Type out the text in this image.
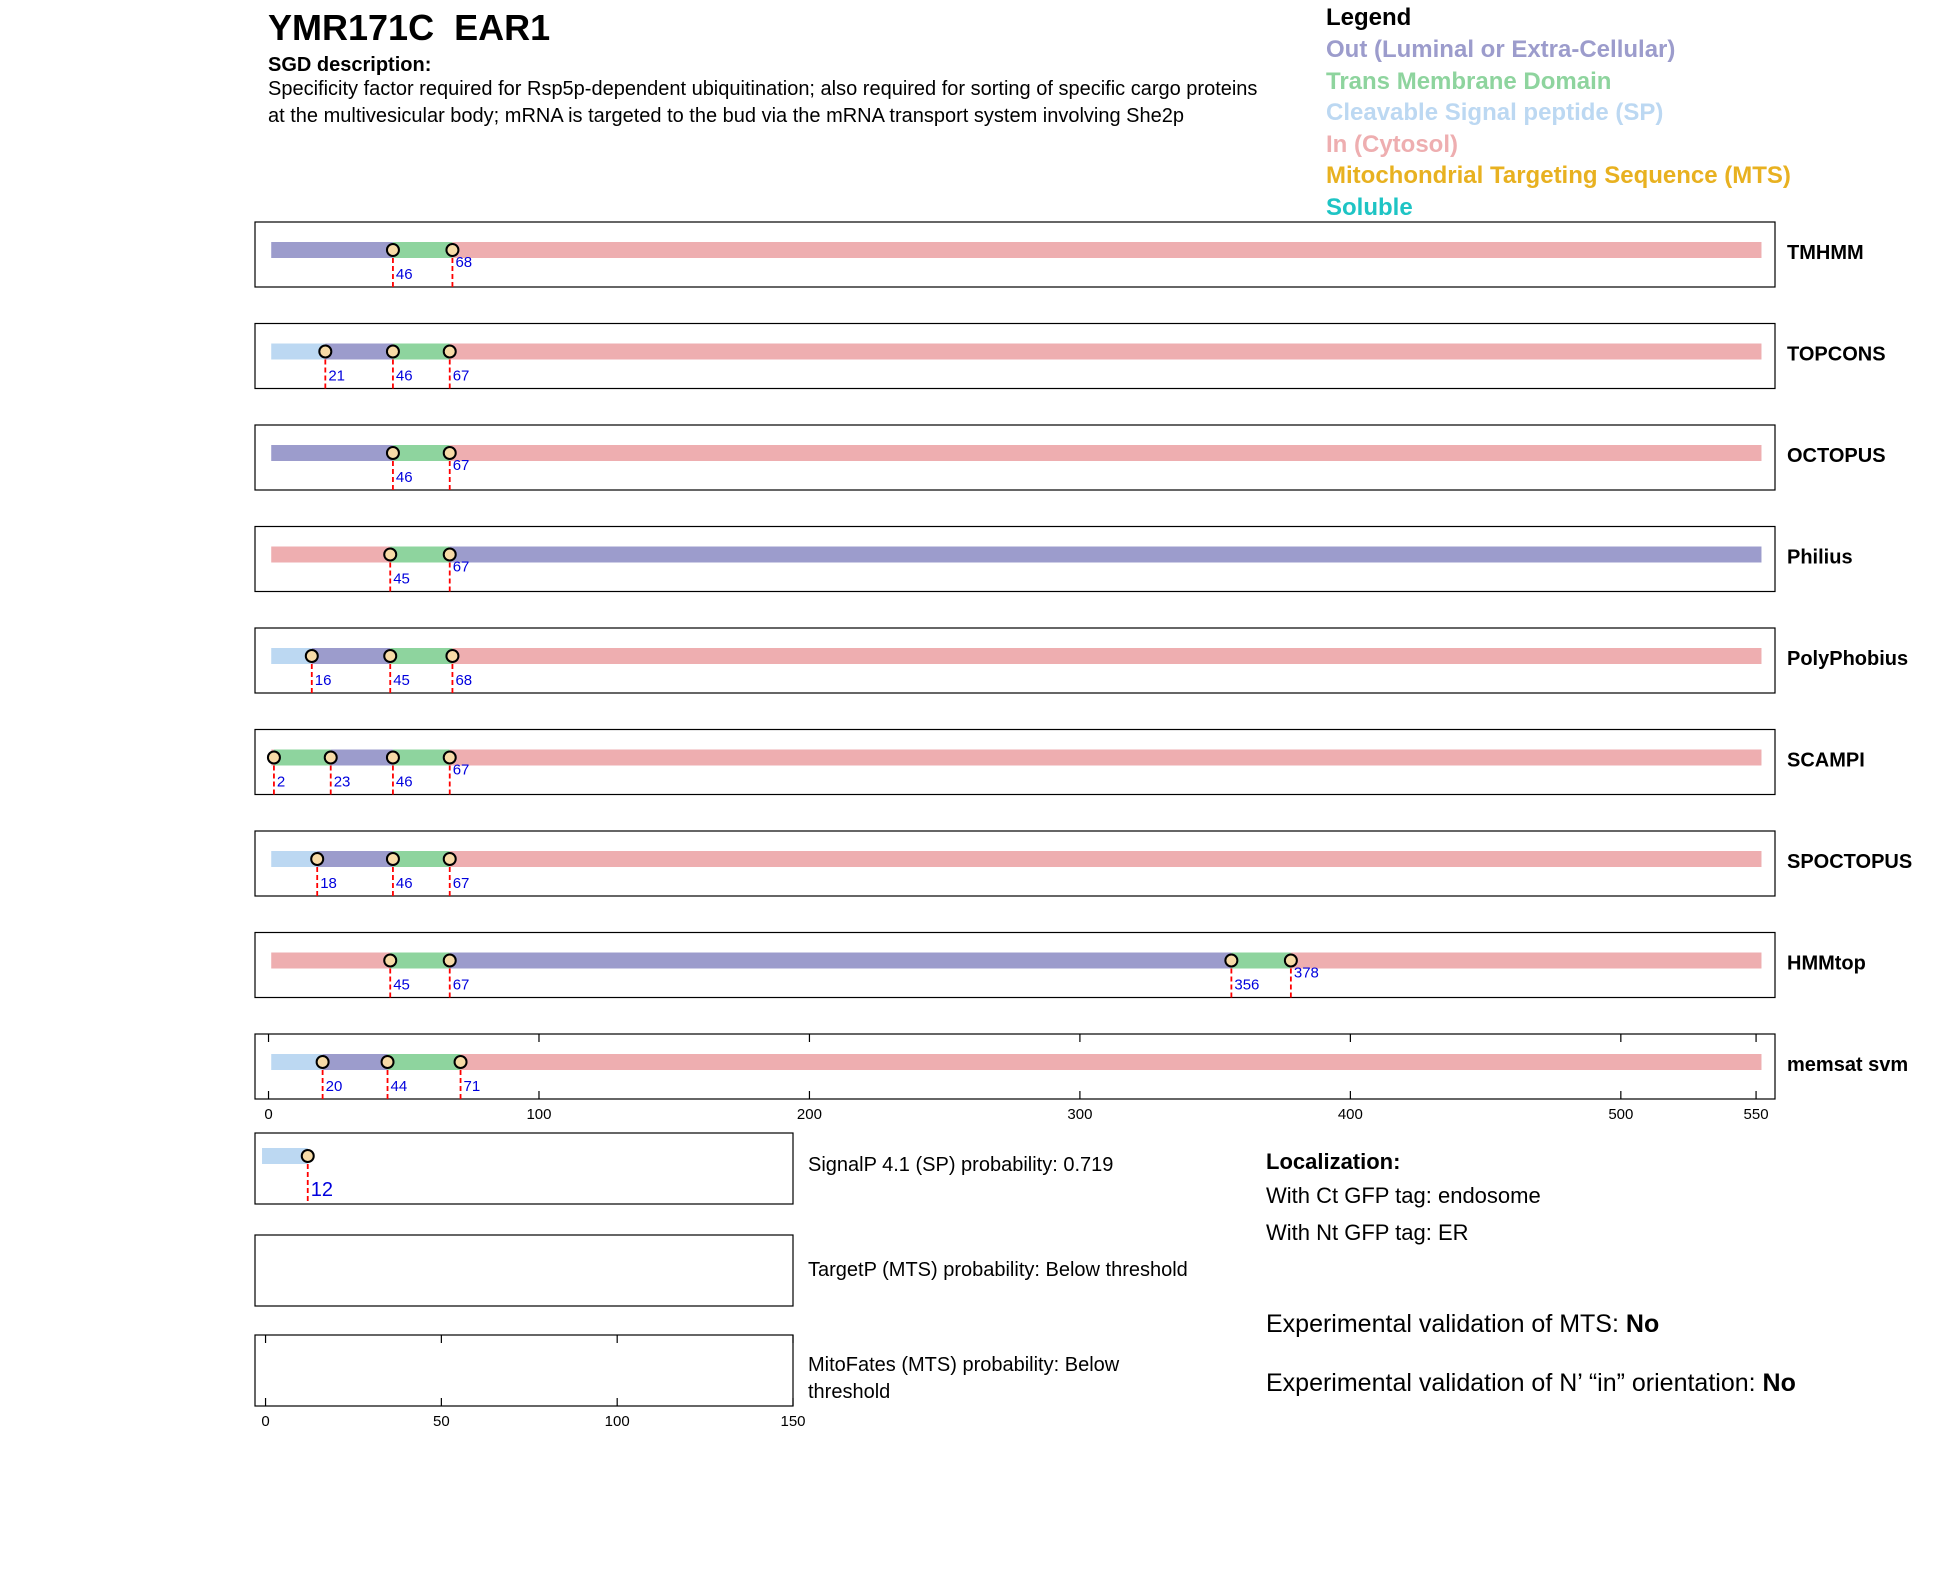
YMR171C  EAR1
SGD description:
Specificity factor required for Rsp5p-dependent ubiquitination; also required for sorting of specific cargo proteins at the multivesicular body; mRNA is targeted to the bud via the mRNA transport system involving She2p
Legend
Out (Luminal or Extra-Cellular)
Trans Membrane Domain
Cleavable Signal peptide (SP)
In (Cytosol)
Mitochondrial Targeting Sequence (MTS)
Soluble
46
68	TMHMM
21	46	67
TOPCONS
46
67	OCTOPUS
45
67	Philius
16	45	68
PolyPhobius
2	23	46
67	SCAMPI
18	46	67
SPOCTOPUS
45	67	356
378	HMMtop
20	44	71
memsat svm
0	100	200	300	400	500	550
12
0	50	100	150
SignalP 4.1 (SP) probability: 0.719
TargetP (MTS) probability: Below threshold
MitoFates (MTS) probability: Below threshold
Localization:
With Ct GFP tag: endosome
With Nt GFP tag: ER
Experimental validation of MTS: No
Experimental validation of N’ “in” orientation: No
